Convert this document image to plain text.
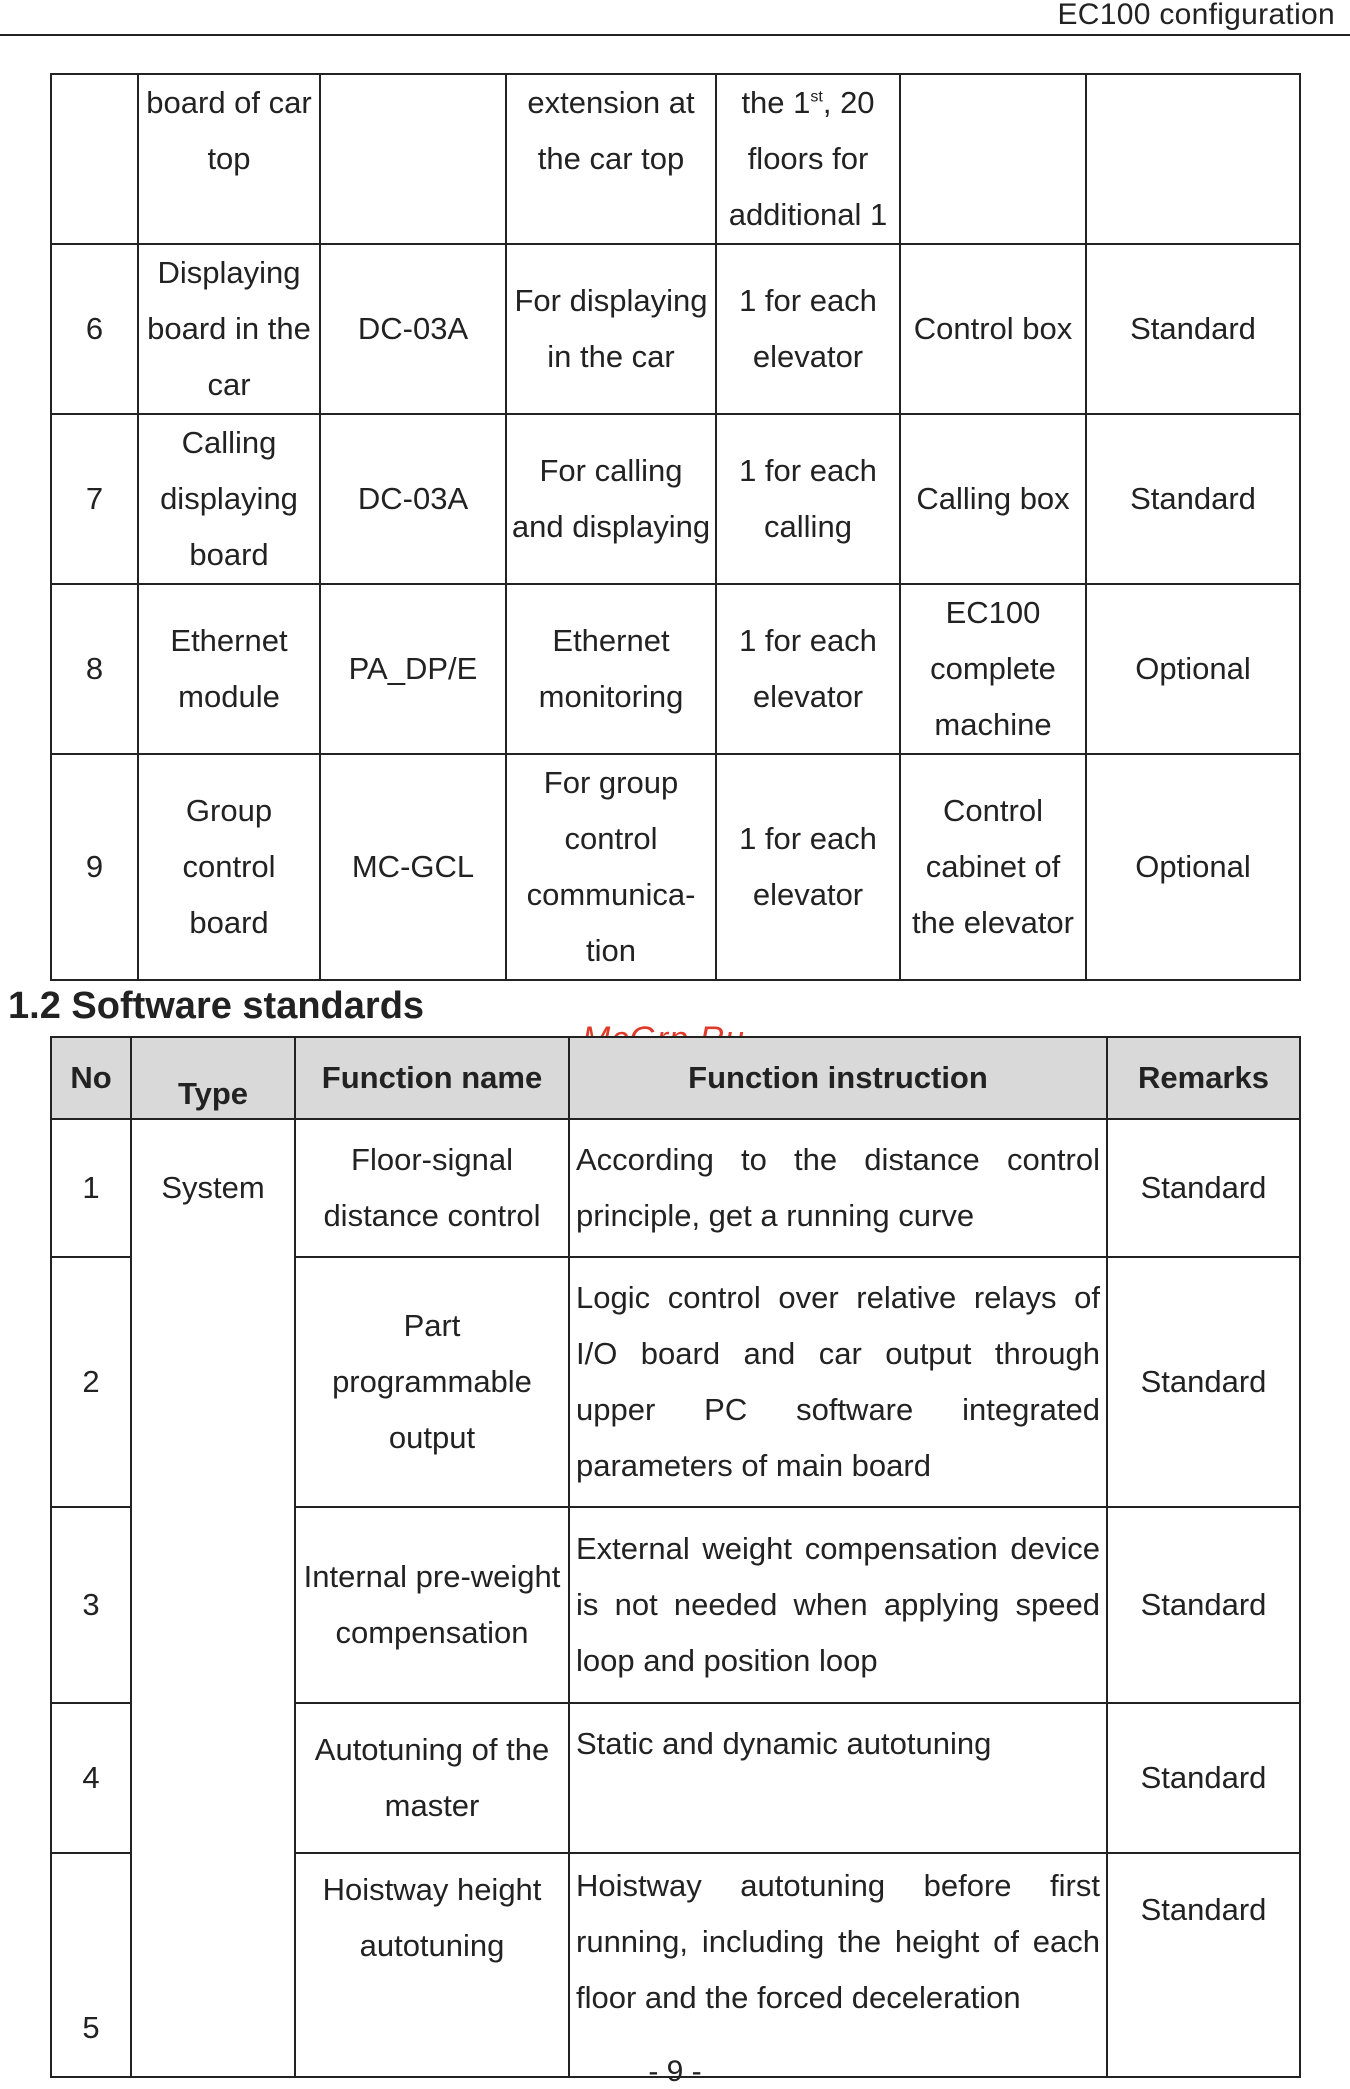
EC100 configuration
	board of car top		extension at the car top	the 1st, 20 floors for additional 1		
6	Displaying board in the car	DC-03A	For displaying in the car	1 for each elevator	Control box	Standard
7	Calling displaying board	DC-03A	For calling and displaying	1 for each calling	Calling box	Standard
8	Ethernet module	PA_DP/E	Ethernet monitoring	1 for each elevator	EC100 complete machine	Optional
9	Group control board	MC-GCL	For group control communica-tion	1 for each elevator	Control cabinet of the elevator	Optional
1.2 Software standards
No	Type	Function name	Function instruction	Remarks
1	System	Floor-signal distance control	According to the distance control principle, get a running curve	Standard
2		Part programmable output	Logic control over relative relays of I/O board and car output through upper PC software integrated parameters of main board	Standard
3		Internal pre-weight compensation	External weight compensation device is not needed when applying speed loop and position loop	Standard
4		Autotuning of the master	Static and dynamic autotuning	Standard
5		Hoistway height autotuning	Hoistway autotuning before first running, including the height of each floor and the forced deceleration	Standard
- 9 -
